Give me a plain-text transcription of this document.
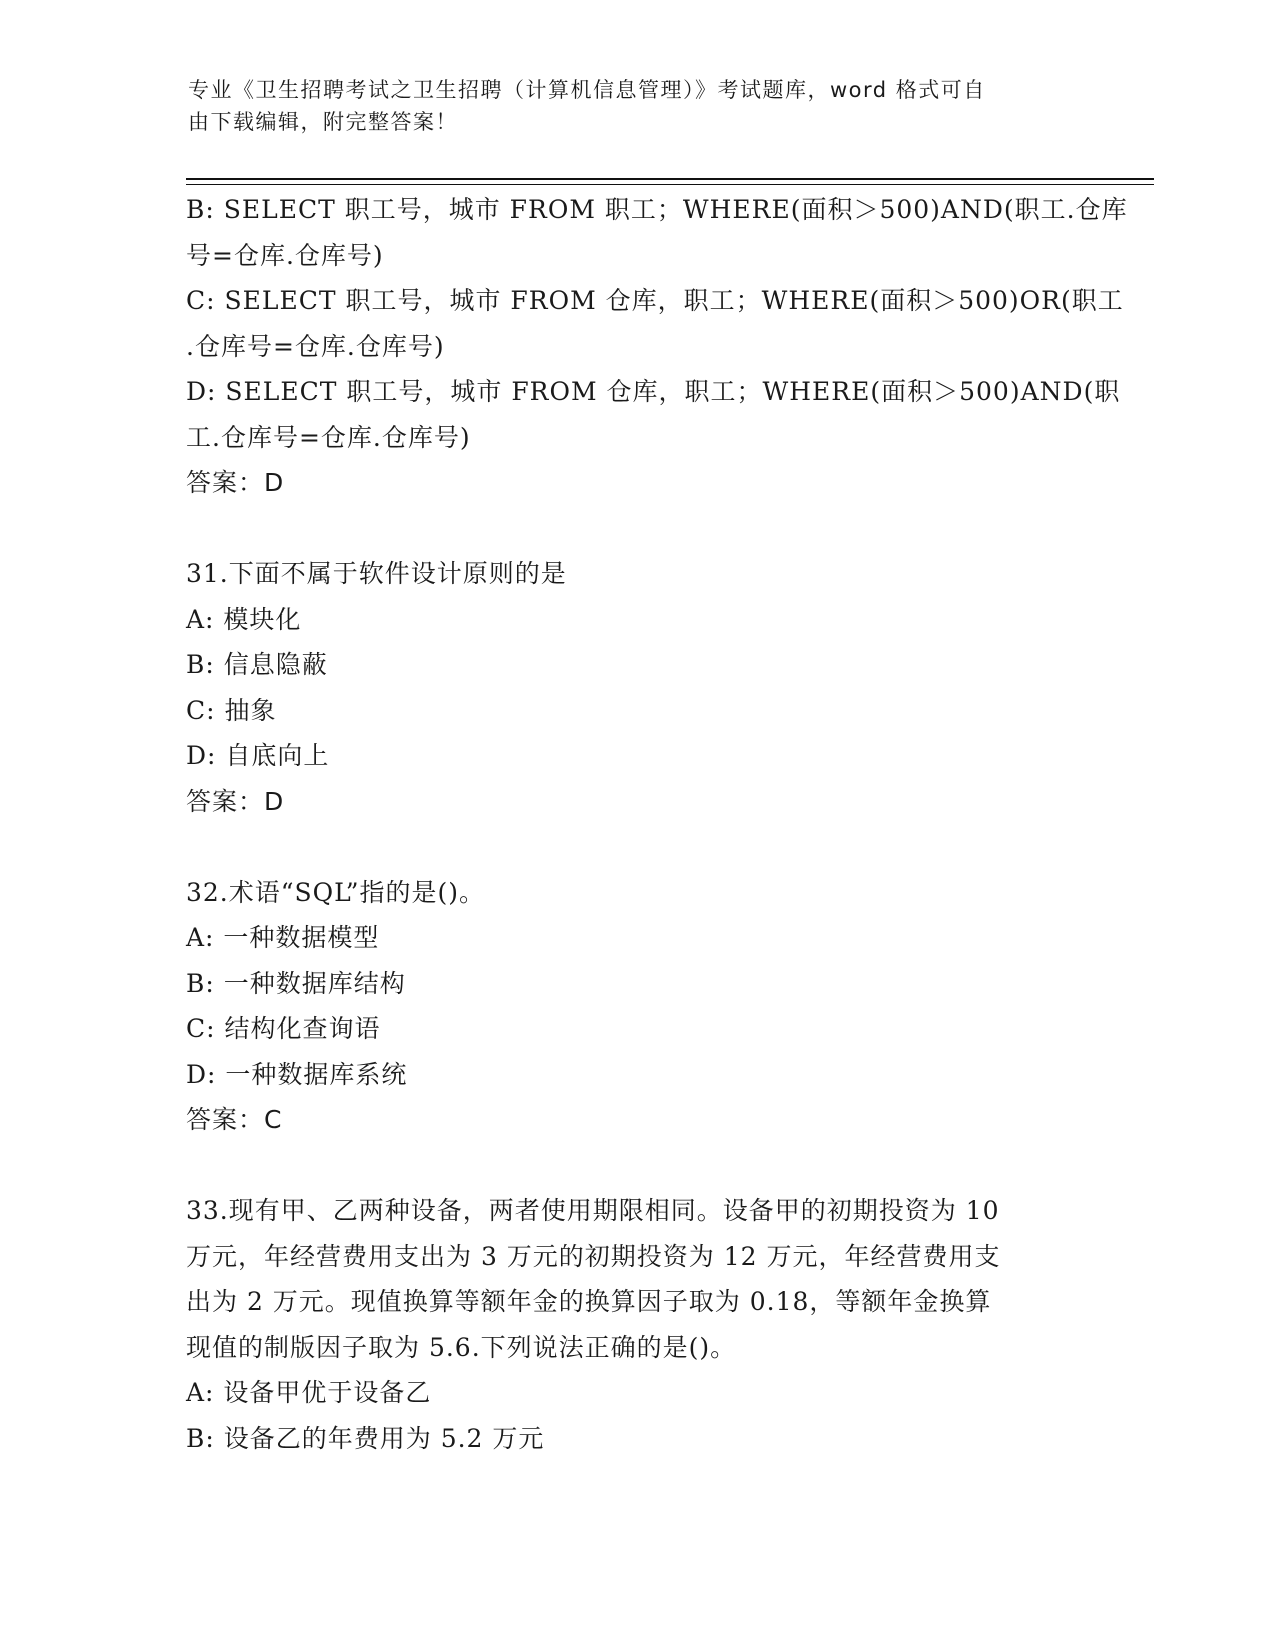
专业《卫生招聘考试之卫生招聘（计算机信息管理）》考试题库，word 格式可自
由下载编辑，附完整答案！
B: SELECT 职工号，城市 FROM 职工；WHERE(面积＞500)AND(职工.仓库
号=仓库.仓库号)
C: SELECT 职工号，城市 FROM 仓库，职工；WHERE(面积＞500)OR(职工
.仓库号=仓库.仓库号)
D: SELECT 职工号，城市 FROM 仓库，职工；WHERE(面积＞500)AND(职
工.仓库号=仓库.仓库号)
答案：D
31.下面不属于软件设计原则的是
A: 模块化
B: 信息隐蔽
C: 抽象
D: 自底向上
答案：D
32.术语“SQL”指的是()。
A: 一种数据模型
B: 一种数据库结构
C: 结构化查询语
D: 一种数据库系统
答案：C
33.现有甲、乙两种设备，两者使用期限相同。设备甲的初期投资为 10
万元，年经营费用支出为 3 万元的初期投资为 12 万元，年经营费用支
出为 2 万元。现值换算等额年金的换算因子取为 0.18，等额年金换算
现值的制版因子取为 5.6.下列说法正确的是()。
A: 设备甲优于设备乙
B: 设备乙的年费用为 5.2 万元
